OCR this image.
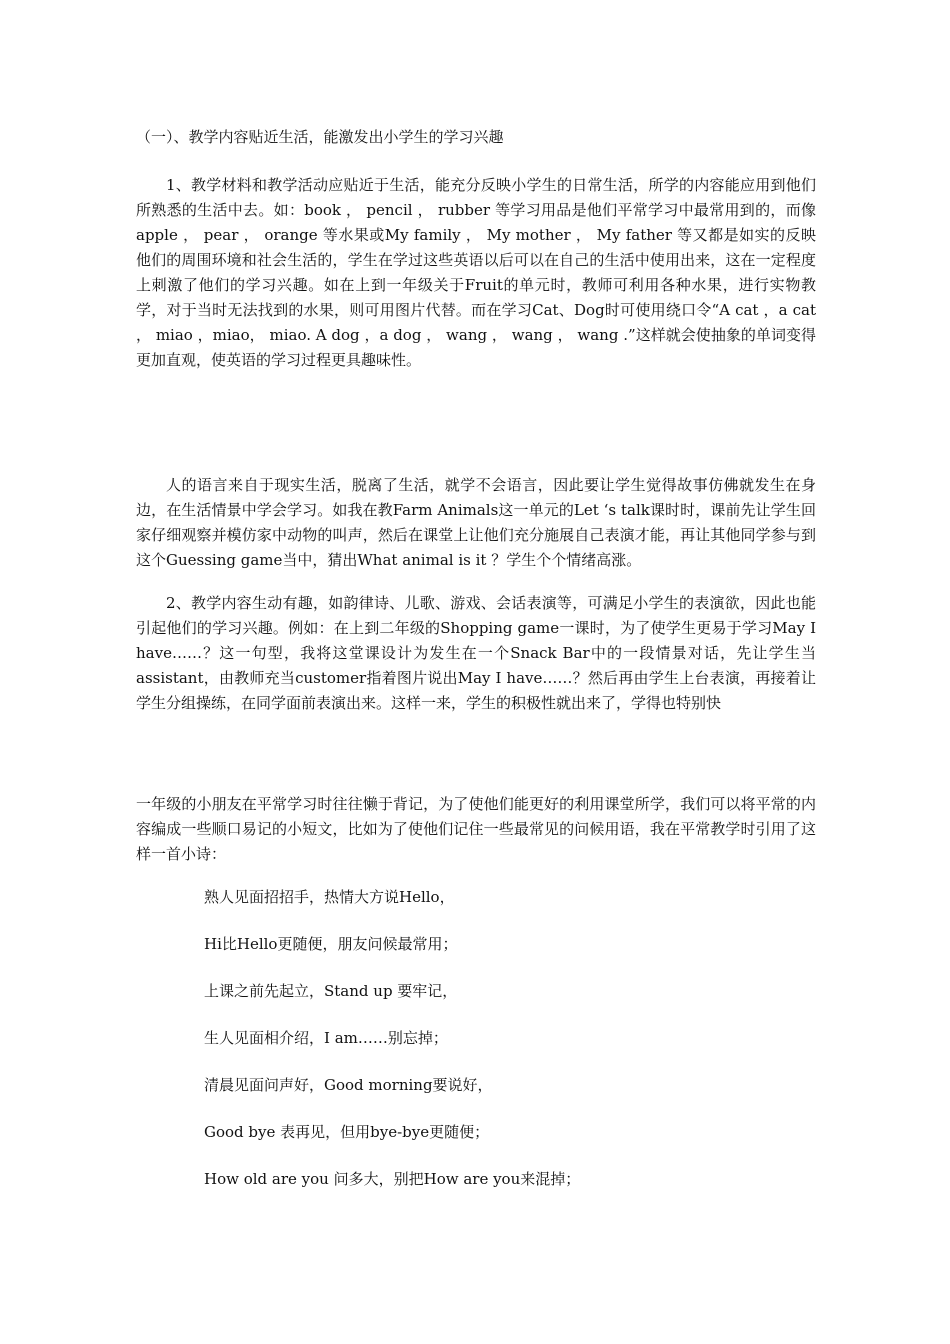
（一）、教学内容贴近生活，能激发出小学生的学习兴趣

1、教学材料和教学活动应贴近于生活，能充分反映小学生的日常生活，所学的内容能应用到他们所熟悉的生活中去。如：book ， pencil ， rubber 等学习用品是他们平常学习中最常用到的，而像apple ， pear ， orange 等水果或My family ， My mother ， My father 等又都是如实的反映他们的周围环境和社会生活的，学生在学过这些英语以后可以在自己的生活中使用出来，这在一定程度上刺激了他们的学习兴趣。如在上到一年级关于Fruit的单元时，教师可利用各种水果，进行实物教学，对于当时无法找到的水果，则可用图片代替。而在学习Cat、Dog时可使用绕口令“A cat ，a cat ， miao ，miao， miao. A dog ，a dog ， wang ， wang ， wang .”这样就会使抽象的单词变得更加直观，使英语的学习过程更具趣味性。

人的语言来自于现实生活，脱离了生活，就学不会语言，因此要让学生觉得故事仿佛就发生在身边，在生活情景中学会学习。如我在教Farm Animals这一单元的Let ‘s talk课时时，课前先让学生回家仔细观察并模仿家中动物的叫声，然后在课堂上让他们充分施展自己表演才能，再让其他同学参与到这个Guessing game当中，猜出What animal is it ？学生个个情绪高涨。

2、教学内容生动有趣，如韵律诗、儿歌、游戏、会话表演等，可满足小学生的表演欲，因此也能引起他们的学习兴趣。例如：在上到二年级的Shopping game一课时，为了使学生更易于学习May I have……？这一句型，我将这堂课设计为发生在一个Snack Bar中的一段情景对话，先让学生当assistant，由教师充当customer指着图片说出May I have……？然后再由学生上台表演，再接着让学生分组操练，在同学面前表演出来。这样一来，学生的积极性就出来了，学得也特别快

一年级的小朋友在平常学习时往往懒于背记，为了使他们能更好的利用课堂所学，我们可以将平常的内容编成一些顺口易记的小短文，比如为了使他们记住一些最常见的问候用语，我在平常教学时引用了这样一首小诗：

熟人见面招招手，热情大方说Hello，
Hi比Hello更随便，朋友问候最常用；
上课之前先起立，Stand up 要牢记，
生人见面相介绍，I am……别忘掉；
清晨见面问声好，Good morning要说好，
Good bye 表再见，但用bye-bye更随便；
How old are you 问多大，别把How are you来混掉；
